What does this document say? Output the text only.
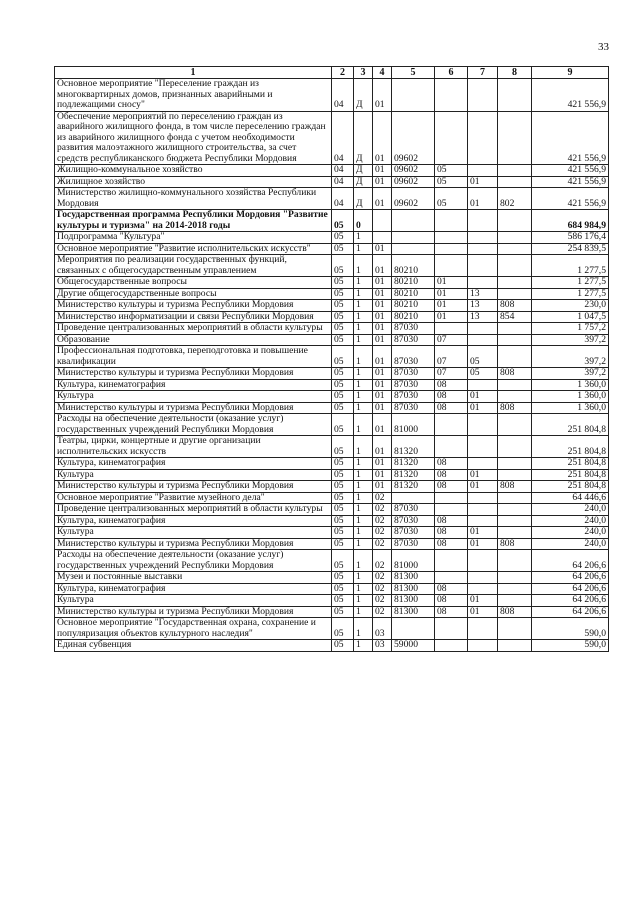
33
1	2	3	4	5	6	7	8	9
Основное мероприятие "Переселение граждан из многоквартирных домов, признанных аварийными и подлежащими сносу"	04	Д	01					421 556,9
Обеспечение мероприятий по переселению граждан из аварийного жилищного фонда, в том числе переселению граждан из аварийного жилищного фонда с учетом необходимости развития малоэтажного жилищного строительства, за счет средств республиканского бюджета Республики Мордовия	04	Д	01	09602				421 556,9
Жилищно-коммунальное хозяйство	04	Д	01	09602	05			421 556,9
Жилищное хозяйство	04	Д	01	09602	05	01		421 556,9
Министерство жилищно-коммунального хозяйства Республики Мордовия	04	Д	01	09602	05	01	802	421 556,9
Государственная программа Республики Мордовия "Развитие культуры и туризма" на 2014-2018 годы	05	0						684 984,9
Подпрограмма "Культура"	05	1						586 176,4
Основное мероприятие "Развитие исполнительских искусств"	05	1	01					254 839,5
Мероприятия по реализации государственных функций, связанных с общегосударственным управлением	05	1	01	80210				1 277,5
Общегосударственные вопросы	05	1	01	80210	01			1 277,5
Другие общегосударственные вопросы	05	1	01	80210	01	13		1 277,5
Министерство культуры и туризма Республики Мордовия	05	1	01	80210	01	13	808	230,0
Министерство информатизации и связи Республики Мордовия	05	1	01	80210	01	13	854	1 047,5
Проведение централизованных мероприятий в области культуры	05	1	01	87030				1 757,2
Образование	05	1	01	87030	07			397,2
Профессиональная подготовка, переподготовка и повышение квалификации	05	1	01	87030	07	05		397,2
Министерство культуры и туризма Республики Мордовия	05	1	01	87030	07	05	808	397,2
Культура, кинематография	05	1	01	87030	08			1 360,0
Культура	05	1	01	87030	08	01		1 360,0
Министерство культуры и туризма Республики Мордовия	05	1	01	87030	08	01	808	1 360,0
Расходы на обеспечение деятельности (оказание услуг) государственных учреждений Республики Мордовия	05	1	01	81000				251 804,8
Театры, цирки, концертные и другие организации исполнительских искусств	05	1	01	81320				251 804,8
Культура, кинематография	05	1	01	81320	08			251 804,8
Культура	05	1	01	81320	08	01		251 804,8
Министерство культуры и туризма Республики Мордовия	05	1	01	81320	08	01	808	251 804,8
Основное мероприятие "Развитие музейного дела"	05	1	02					64 446,6
Проведение централизованных мероприятий в области культуры	05	1	02	87030				240,0
Культура, кинематография	05	1	02	87030	08			240,0
Культура	05	1	02	87030	08	01		240,0
Министерство культуры и туризма Республики Мордовия	05	1	02	87030	08	01	808	240,0
Расходы на обеспечение деятельности (оказание услуг) государственных учреждений Республики Мордовия	05	1	02	81000				64 206,6
Музеи и постоянные выставки	05	1	02	81300				64 206,6
Культура, кинематография	05	1	02	81300	08			64 206,6
Культура	05	1	02	81300	08	01		64 206,6
Министерство культуры и туризма Республики Мордовия	05	1	02	81300	08	01	808	64 206,6
Основное мероприятие "Государственная охрана, сохранение и популяризация объектов культурного наследия"	05	1	03					590,0
Единая субвенция	05	1	03	59000				590,0
